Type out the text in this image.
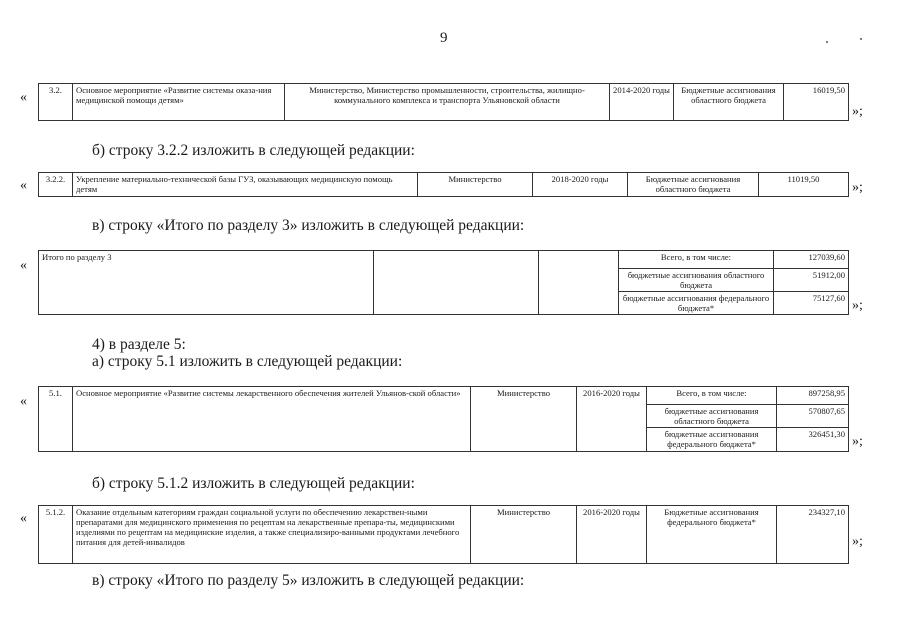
9
«	3.2.	Основное мероприятие «Развитие системы оказа-ния медицинской помощи детям»	Министерство, Министерство промышленности, строительства, жилищно-коммунального комплекса и транспорта Ульяновской области	2014-2020 годы	Бюджетные ассигнования областного бюджета	16019,50
»;
б) строку 3.2.2 изложить в следующей редакции:
« 3.2.2.	Укрепление материально-технической базы ГУЗ, оказывающих медицинскую помощь детям	Министерство	2018-2020 годы	Бюджетные ассигнования областного бюджета	11019,50
»;
в) строку «Итого по разделу 3» изложить в следующей редакции:
«
Итого по разделу 3			Всего, в том числе:	127039,60
			бюджетные ассигнования областного бюджета	51912,00
			бюджетные ассигнования федерального бюджета*	75127,60 »;
4) в разделе 5:
а) строку 5.1 изложить в следующей редакции:
«
5.1.	Основное мероприятие «Развитие системы лекарственного обеспечения жителей Ульянов-ской области»	Министерство	2016-2020 годы	Всего, в том числе:	897258,95
				бюджетные ассигнования областного бюджета	570807,65
				бюджетные ассигнования федерального бюджета*	326451,30 »;
б) строку 5.1.2 изложить в следующей редакции:
« 5.1.2.	Оказание отдельным категориям граждан социальной услуги по обеспечению лекарствен-ными препаратами для медицинского применения по рецептам на лекарственные препара-ты, медицинскими изделиями по рецептам на медицинские изделия, а также специализиро-ванными продуктами лечебного питания для детей-инвалидов	Министерство	2016-2020 годы	Бюджетные ассигнования федерального бюджета*	234327,10
»;
в) строку «Итого по разделу 5» изложить в следующей редакции:
